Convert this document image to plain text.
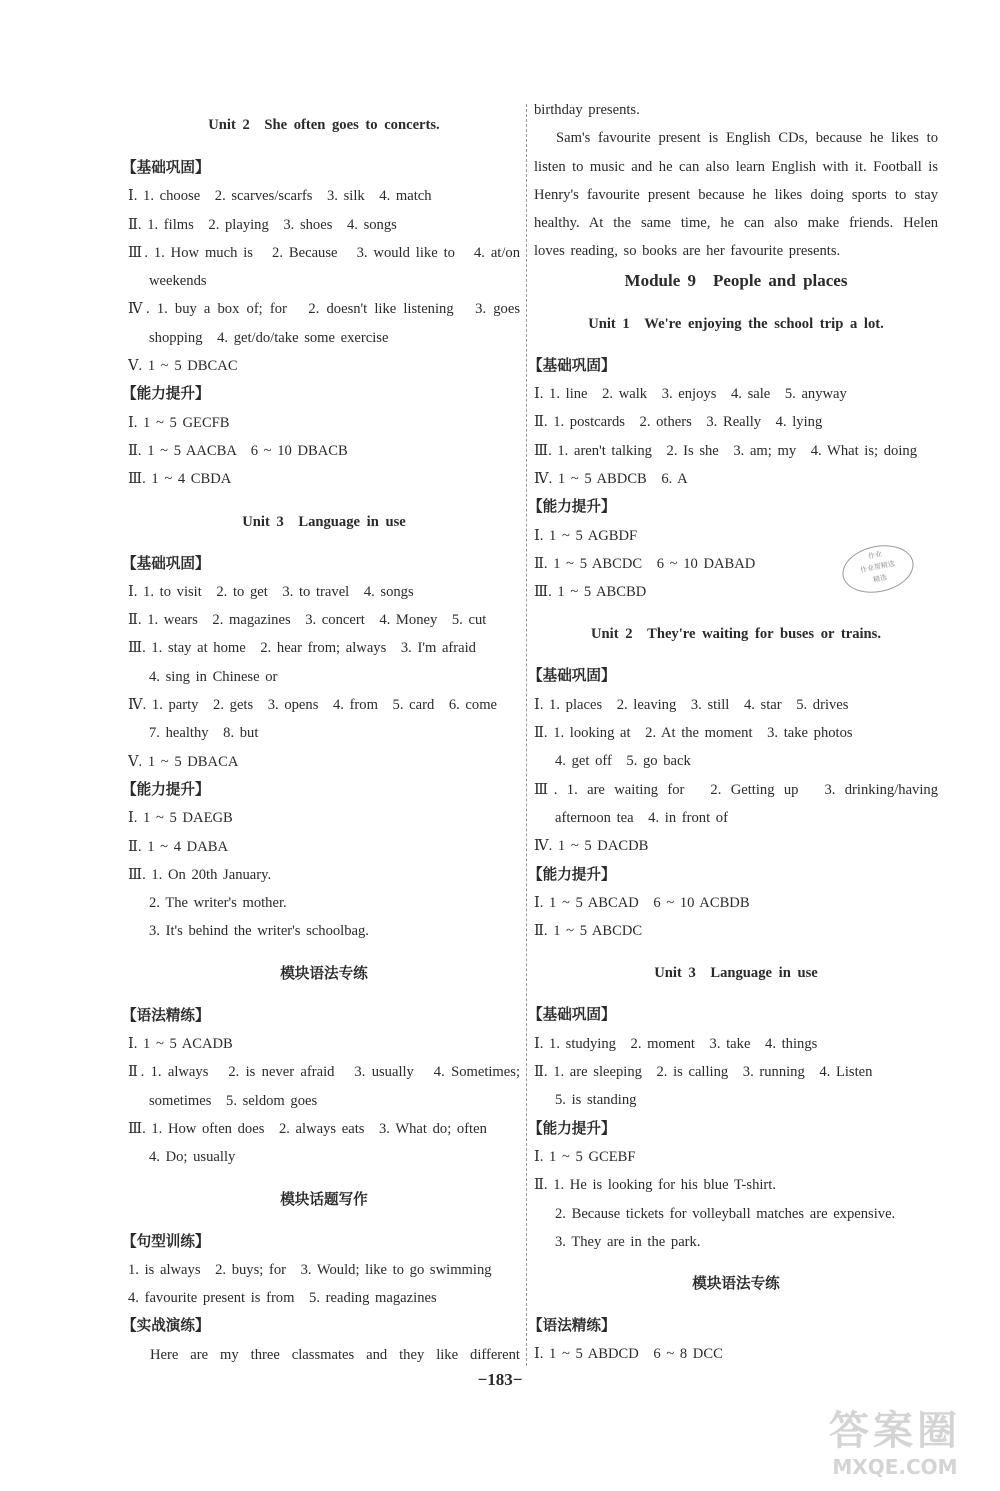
Unit 2　She often goes to concerts.
【基础巩固】
Ⅰ. 1. choose　2. scarves/scarfs　3. silk　4. match
Ⅱ. 1. films　2. playing　3. shoes　4. songs
Ⅲ. 1. How much is　2. Because　3. would like to　4. at/on
weekends
Ⅳ. 1. buy a box of; for　2. doesn't like listening　3. goes
shopping　4. get/do/take some exercise
Ⅴ. 1 ~ 5 DBCAC
【能力提升】
Ⅰ. 1 ~ 5 GECFB
Ⅱ. 1 ~ 5 AACBA　6 ~ 10 DBACB
Ⅲ. 1 ~ 4 CBDA
Unit 3　Language in use
【基础巩固】
Ⅰ. 1. to visit　2. to get　3. to travel　4. songs
Ⅱ. 1. wears　2. magazines　3. concert　4. Money　5. cut
Ⅲ. 1. stay at home　2. hear from; always　3. I'm afraid
4. sing in Chinese or
Ⅳ. 1. party　2. gets　3. opens　4. from　5. card　6. come
7. healthy　8. but
Ⅴ. 1 ~ 5 DBACA
【能力提升】
Ⅰ. 1 ~ 5 DAEGB
Ⅱ. 1 ~ 4 DABA
Ⅲ. 1. On 20th January.
2. The writer's mother.
3. It's behind the writer's schoolbag.
模块语法专练
【语法精练】
Ⅰ. 1 ~ 5 ACADB
Ⅱ. 1. always　2. is never afraid　3. usually　4. Sometimes;
sometimes　5. seldom goes
Ⅲ. 1. How often does　2. always eats　3. What do; often
4. Do; usually
模块话题写作
【句型训练】
1. is always　2. buys; for　3. Would; like to go swimming
4. favourite present is from　5. reading magazines
【实战演练】
Here are my three classmates and they like different
birthday presents.
Sam's favourite present is English CDs, because he likes to
listen to music and he can also learn English with it. Football is
Henry's favourite present because he likes doing sports to stay
healthy. At the same time, he can also make friends. Helen
loves reading, so books are her favourite presents.
Module 9　People and places
Unit 1　We're enjoying the school trip a lot.
【基础巩固】
Ⅰ. 1. line　2. walk　3. enjoys　4. sale　5. anyway
Ⅱ. 1. postcards　2. others　3. Really　4. lying
Ⅲ. 1. aren't talking　2. Is she　3. am; my　4. What is; doing
Ⅳ. 1 ~ 5 ABDCB　6. A
【能力提升】
Ⅰ. 1 ~ 5 AGBDF
Ⅱ. 1 ~ 5 ABCDC　6 ~ 10 DABAD
Ⅲ. 1 ~ 5 ABCBD
Unit 2　They're waiting for buses or trains.
【基础巩固】
Ⅰ. 1. places　2. leaving　3. still　4. star　5. drives
Ⅱ. 1. looking at　2. At the moment　3. take photos
4. get off　5. go back
Ⅲ. 1. are waiting for　2. Getting up　3. drinking/having
afternoon tea　4. in front of
Ⅳ. 1 ~ 5 DACDB
【能力提升】
Ⅰ. 1 ~ 5 ABCAD　6 ~ 10 ACBDB
Ⅱ. 1 ~ 5 ABCDC
Unit 3　Language in use
【基础巩固】
Ⅰ. 1. studying　2. moment　3. take　4. things
Ⅱ. 1. are sleeping　2. is calling　3. running　4. Listen
5. is standing
【能力提升】
Ⅰ. 1 ~ 5 GCEBF
Ⅱ. 1. He is looking for his blue T-shirt.
2. Because tickets for volleyball matches are expensive.
3. They are in the park.
模块语法专练
【语法精练】
Ⅰ. 1 ~ 5 ABDCD　6 ~ 8 DCC
−183−
作业
作业帮精选
精选
答案圈
MXQE.COM
